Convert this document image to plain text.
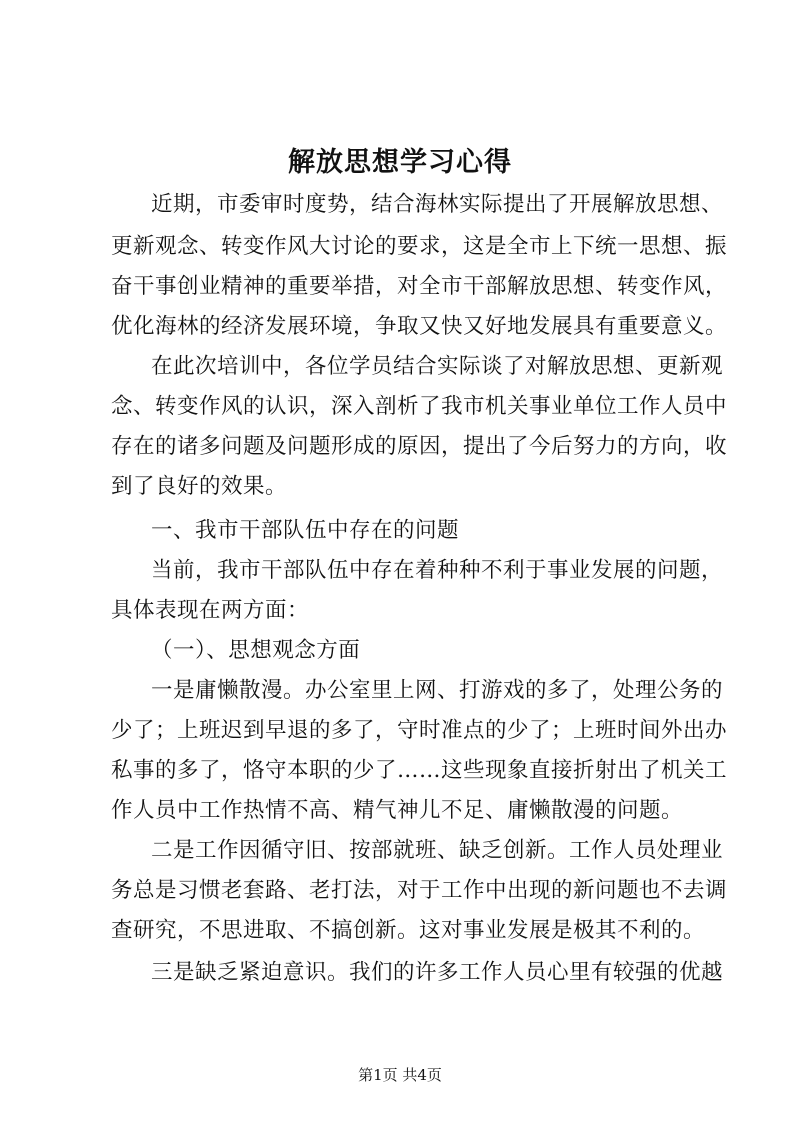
解放思想学习心得
近期，市委审时度势，结合海林实际提出了开展解放思想、
更新观念、转变作风大讨论的要求，这是全市上下统一思想、振
奋干事创业精神的重要举措，对全市干部解放思想、转变作风，
优化海林的经济发展环境，争取又快又好地发展具有重要意义。
在此次培训中，各位学员结合实际谈了对解放思想、更新观
念、转变作风的认识，深入剖析了我市机关事业单位工作人员中
存在的诸多问题及问题形成的原因，提出了今后努力的方向，收
到了良好的效果。
一、我市干部队伍中存在的问题
当前，我市干部队伍中存在着种种不利于事业发展的问题，
具体表现在两方面：
（一）、思想观念方面
一是庸懒散漫。办公室里上网、打游戏的多了，处理公务的
少了；上班迟到早退的多了，守时准点的少了；上班时间外出办
私事的多了，恪守本职的少了……这些现象直接折射出了机关工
作人员中工作热情不高、精气神儿不足、庸懒散漫的问题。
二是工作因循守旧、按部就班、缺乏创新。工作人员处理业
务总是习惯老套路、老打法，对于工作中出现的新问题也不去调
查研究，不思进取、不搞创新。这对事业发展是极其不利的。
三是缺乏紧迫意识。我们的许多工作人员心里有较强的优越
第1页 共4页
